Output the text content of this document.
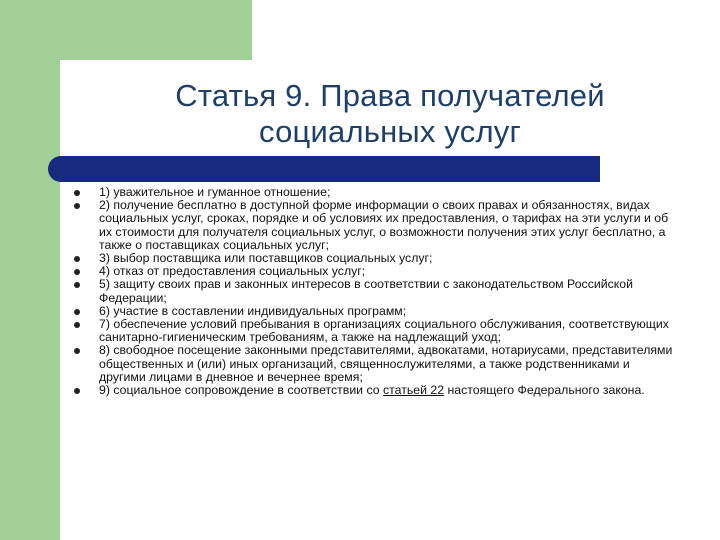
Статья 9. Права получателей
социальных услуг
1) уважительное и гуманное отношение;
2) получение бесплатно в доступной форме информации о своих правах и обязанностях, видах социальных услуг, сроках, порядке и об условиях их предоставления, о тарифах на эти услуги и об их стоимости для получателя социальных услуг, о возможности получения этих услуг бесплатно, а также о поставщиках социальных услуг;
3) выбор поставщика или поставщиков социальных услуг;
4) отказ от предоставления социальных услуг;
5) защиту своих прав и законных интересов в соответствии с законодательством Российской Федерации;
6) участие в составлении индивидуальных программ;
7) обеспечение условий пребывания в организациях социального обслуживания, соответствующих санитарно-гигиеническим требованиям, а также на надлежащий уход;
8) свободное посещение законными представителями, адвокатами, нотариусами, представителями общественных и (или) иных организаций, священнослужителями, а также родственниками и другими лицами в дневное и вечернее время;
9) социальное сопровождение в соответствии со статьей 22 настоящего Федерального закона.
